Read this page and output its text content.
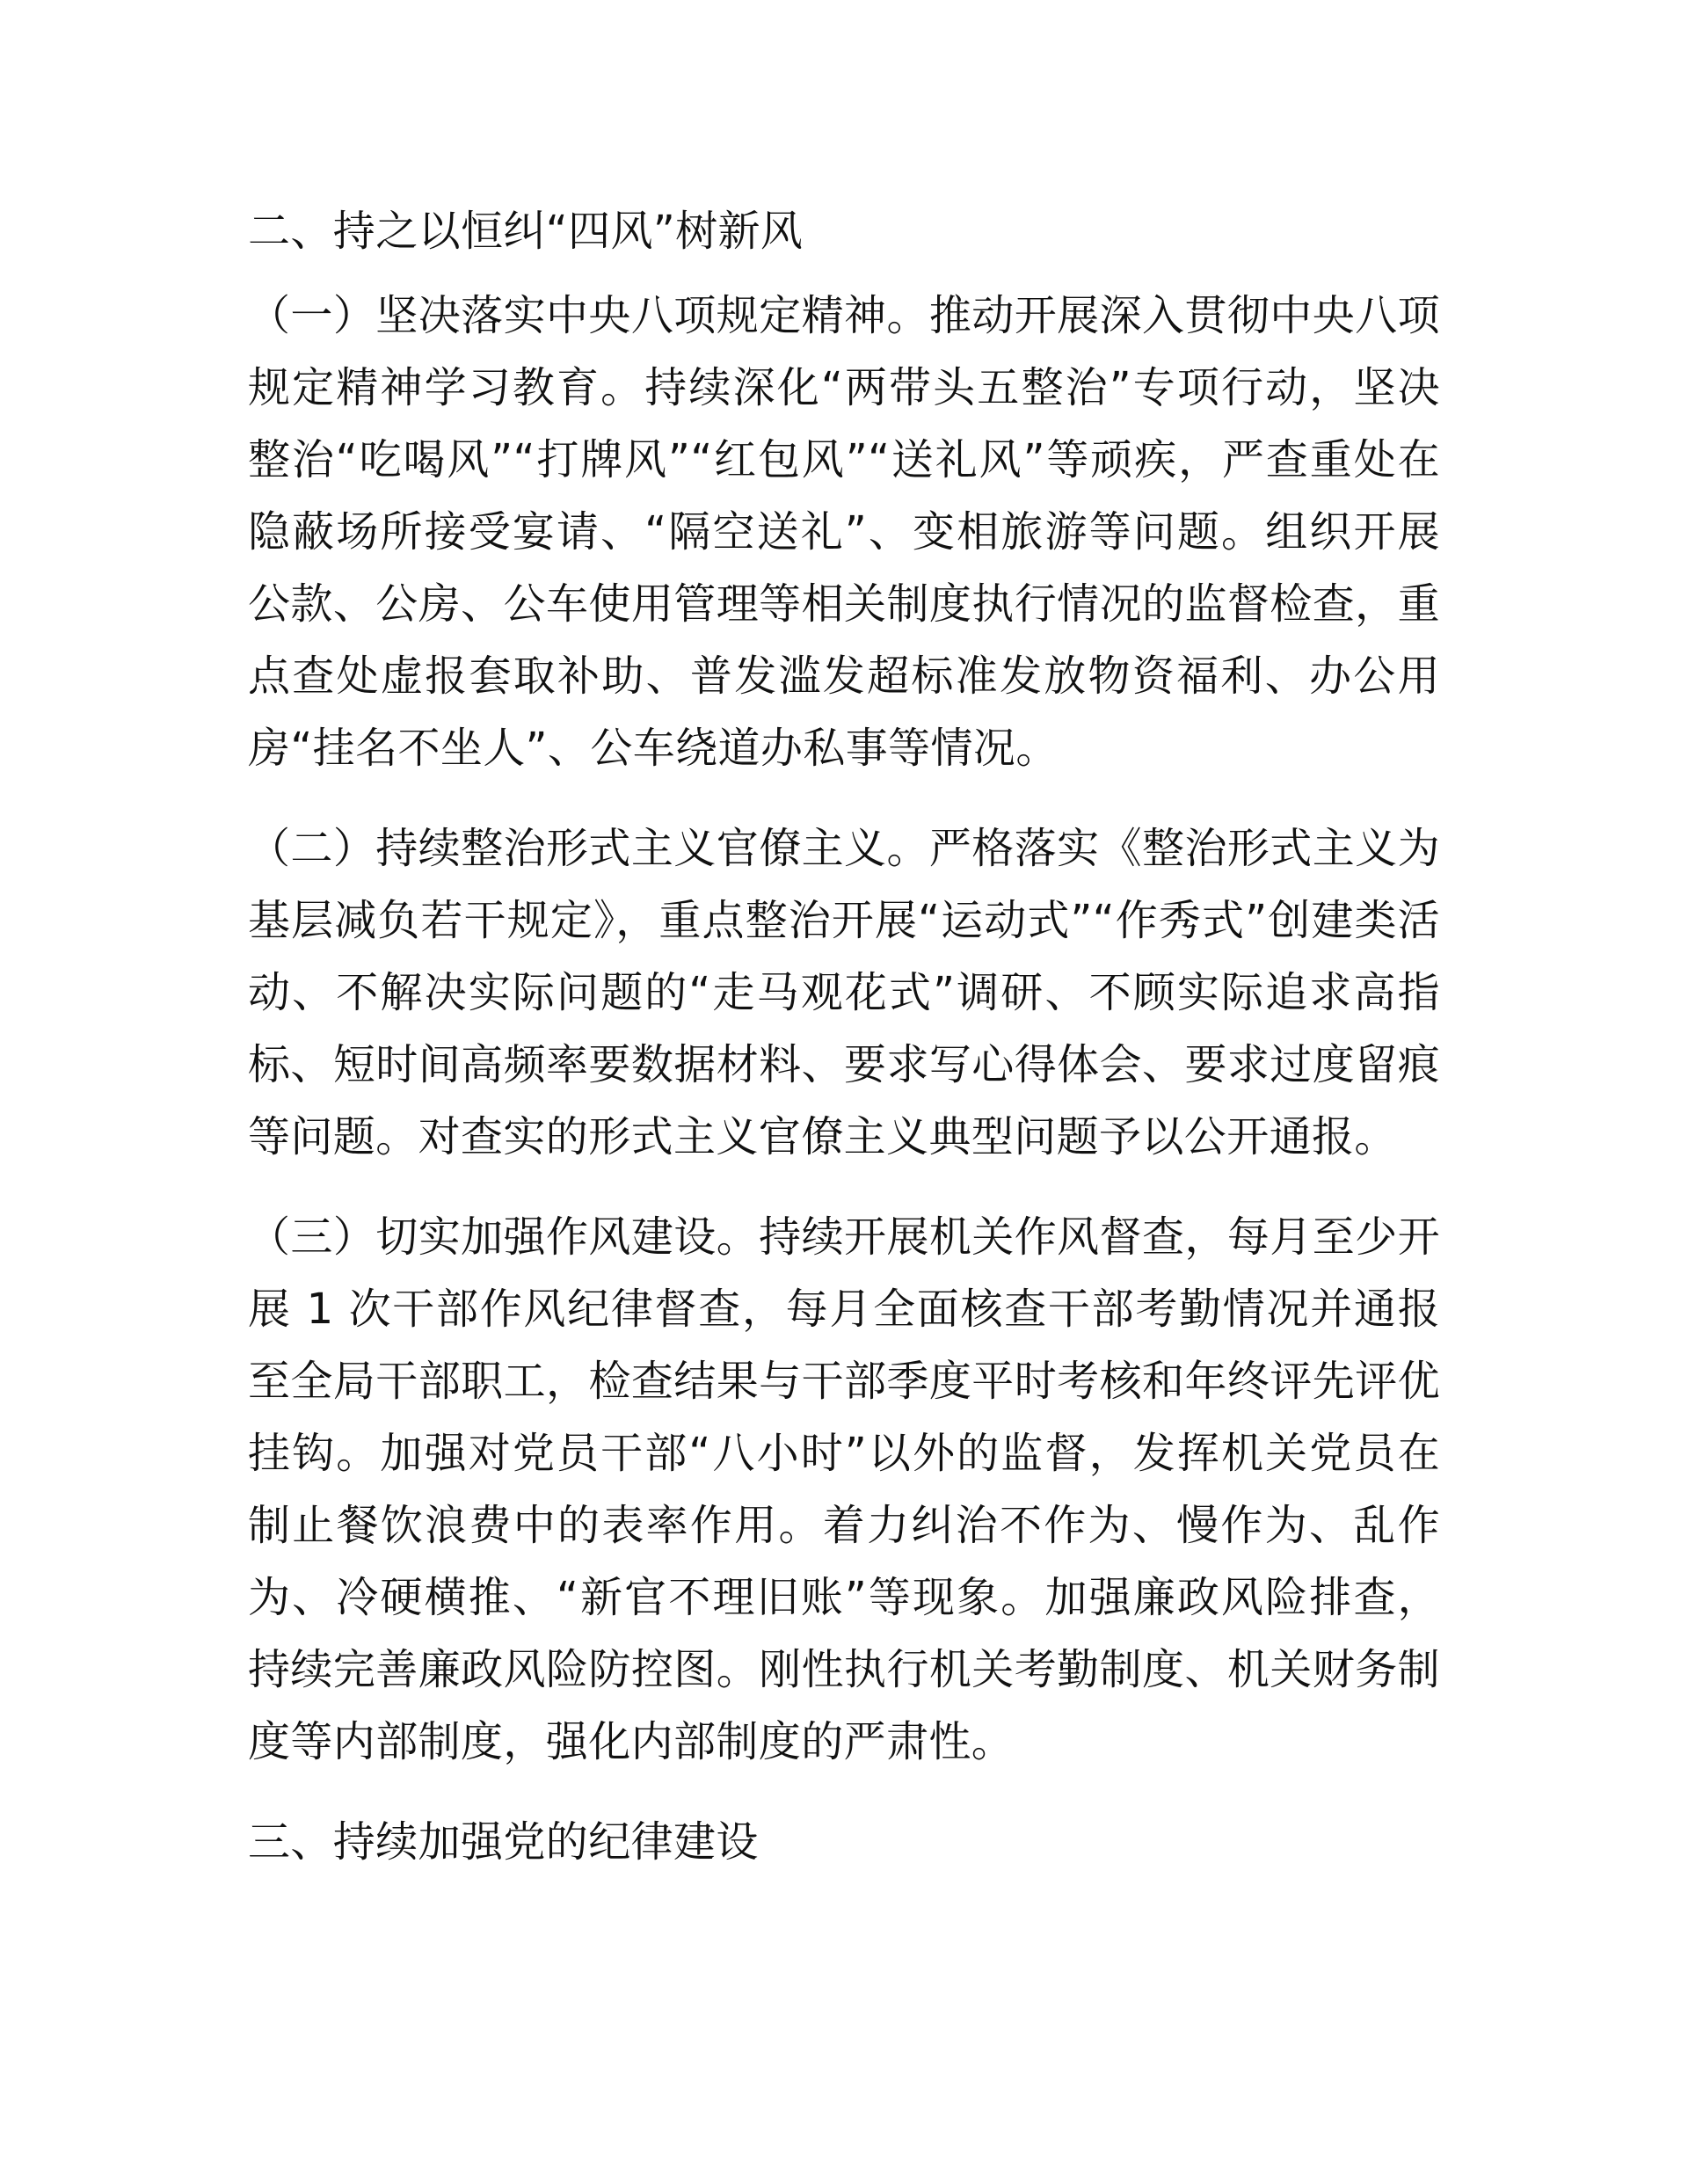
二、持之以恒纠“四风”树新风

（一）坚决落实中央八项规定精神。推动开展深入贯彻中央八项规定精神学习教育。持续深化“两带头五整治”专项行动，坚决整治“吃喝风”“打牌风”“红包风”“送礼风”等顽疾，严查重处在隐蔽场所接受宴请、“隔空送礼”、变相旅游等问题。组织开展公款、公房、公车使用管理等相关制度执行情况的监督检查，重点查处虚报套取补助、普发滥发超标准发放物资福利、办公用房“挂名不坐人”、公车绕道办私事等情况。

（二）持续整治形式主义官僚主义。严格落实《整治形式主义为基层减负若干规定》，重点整治开展“运动式”“作秀式”创建类活动、不解决实际问题的“走马观花式”调研、不顾实际追求高指标、短时间高频率要数据材料、要求写心得体会、要求过度留痕等问题。对查实的形式主义官僚主义典型问题予以公开通报。

（三）切实加强作风建设。持续开展机关作风督查，每月至少开展 1 次干部作风纪律督查，每月全面核查干部考勤情况并通报至全局干部职工，检查结果与干部季度平时考核和年终评先评优挂钩。加强对党员干部“八小时”以外的监督，发挥机关党员在制止餐饮浪费中的表率作用。着力纠治不作为、慢作为、乱作为、冷硬横推、“新官不理旧账”等现象。加强廉政风险排查，持续完善廉政风险防控图。刚性执行机关考勤制度、机关财务制度等内部制度，强化内部制度的严肃性。

三、持续加强党的纪律建设
